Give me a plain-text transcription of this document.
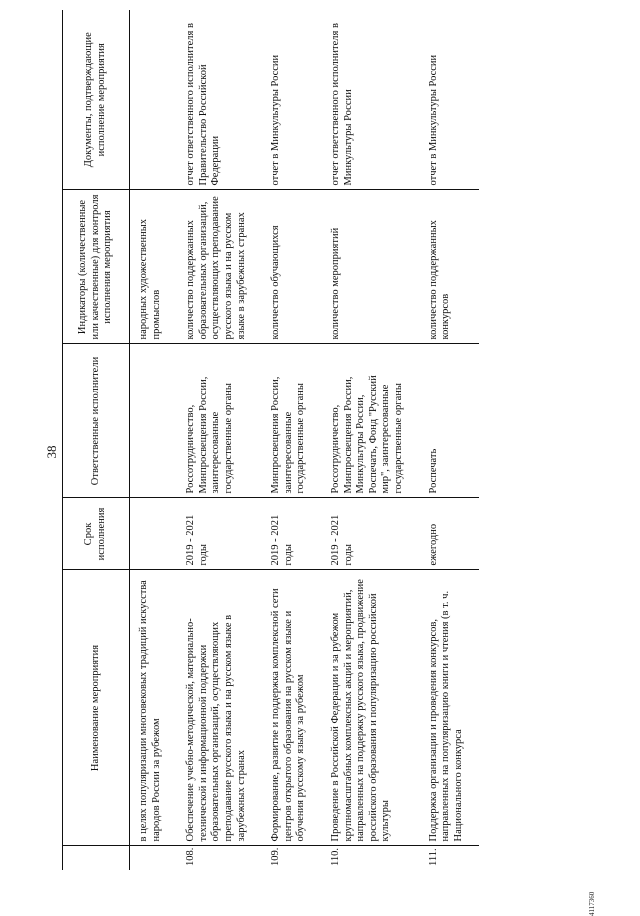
38
4117360
	Наименование мероприятия	Срок исполнения	Ответственные исполнители	Индикаторы (количественные или качественные) для контроля исполнения мероприятия	Документы, подтверждающие исполнение мероприятия
	в целях популяризации многовековых традиций искусства народов России за рубежом			народных художественных промыслов	
108.	Обеспечение учебно-методической, материально-технической и информационной поддержки образовательных организаций, осуществляющих преподавание русского языка и на русском языке в зарубежных странах	2019 - 2021 годы	Россотрудничество, Минпросвещения России, заинтересованные государственные органы	количество поддержанных образовательных организаций, осуществляющих преподавание русского языка и на русском языке в зарубежных странах	отчет ответственного исполнителя в Правительство Российской Федерации
109.	Формирование, развитие и поддержка комплексной сети центров открытого образования на русском языке и обучения русскому языку за рубежом	2019 - 2021 годы	Минпросвещения России, заинтересованные государственные органы	количество обучающихся	отчет в Минкультуры России
110.	Проведение в Российской Федерации и за рубежом крупномасштабных комплексных акций и мероприятий, направленных на поддержку русского языка, продвижение российского образования и популяризацию российской культуры	2019 - 2021 годы	Россотрудничество, Минпросвещения России, Минкультуры России, Роспечать, Фонд "Русский мир", заинтересованные государственные органы	количество мероприятий	отчет ответственного исполнителя в Минкультуры России
111.	Поддержка организации и проведения конкурсов, направленных на популяризацию книги и чтения (в т. ч. Национального конкурса	ежегодно	Роспечать	количество поддержанных конкурсов	отчет в Минкультуры России
